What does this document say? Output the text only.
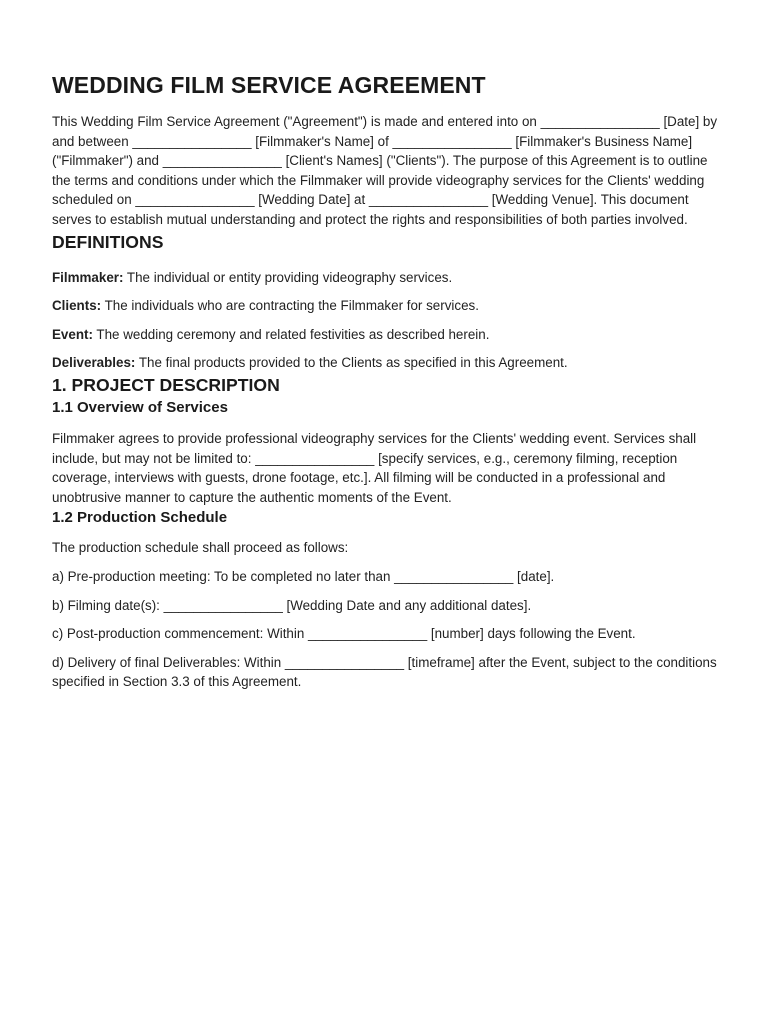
WEDDING FILM SERVICE AGREEMENT

This Wedding Film Service Agreement ("Agreement") is made and entered into on ________________ [Date] by and between ________________ [Filmmaker's Name] of ________________ [Filmmaker's Business Name] ("Filmmaker") and ________________ [Client's Names] ("Clients"). The purpose of this Agreement is to outline the terms and conditions under which the Filmmaker will provide videography services for the Clients' wedding scheduled on ________________ [Wedding Date] at ________________ [Wedding Venue]. This document serves to establish mutual understanding and protect the rights and responsibilities of both parties involved.

DEFINITIONS

Filmmaker: The individual or entity providing videography services.

Clients: The individuals who are contracting the Filmmaker for services.

Event: The wedding ceremony and related festivities as described herein.

Deliverables: The final products provided to the Clients as specified in this Agreement.

1. PROJECT DESCRIPTION
1.1 Overview of Services

Filmmaker agrees to provide professional videography services for the Clients' wedding event. Services shall include, but may not be limited to: ________________ [specify services, e.g., ceremony filming, reception coverage, interviews with guests, drone footage, etc.]. All filming will be conducted in a professional and unobtrusive manner to capture the authentic moments of the Event.

1.2 Production Schedule

The production schedule shall proceed as follows:

a) Pre-production meeting: To be completed no later than ________________ [date].

b) Filming date(s): ________________ [Wedding Date and any additional dates].

c) Post-production commencement: Within ________________ [number] days following the Event.

d) Delivery of final Deliverables: Within ________________ [timeframe] after the Event, subject to the conditions specified in Section 3.3 of this Agreement.
